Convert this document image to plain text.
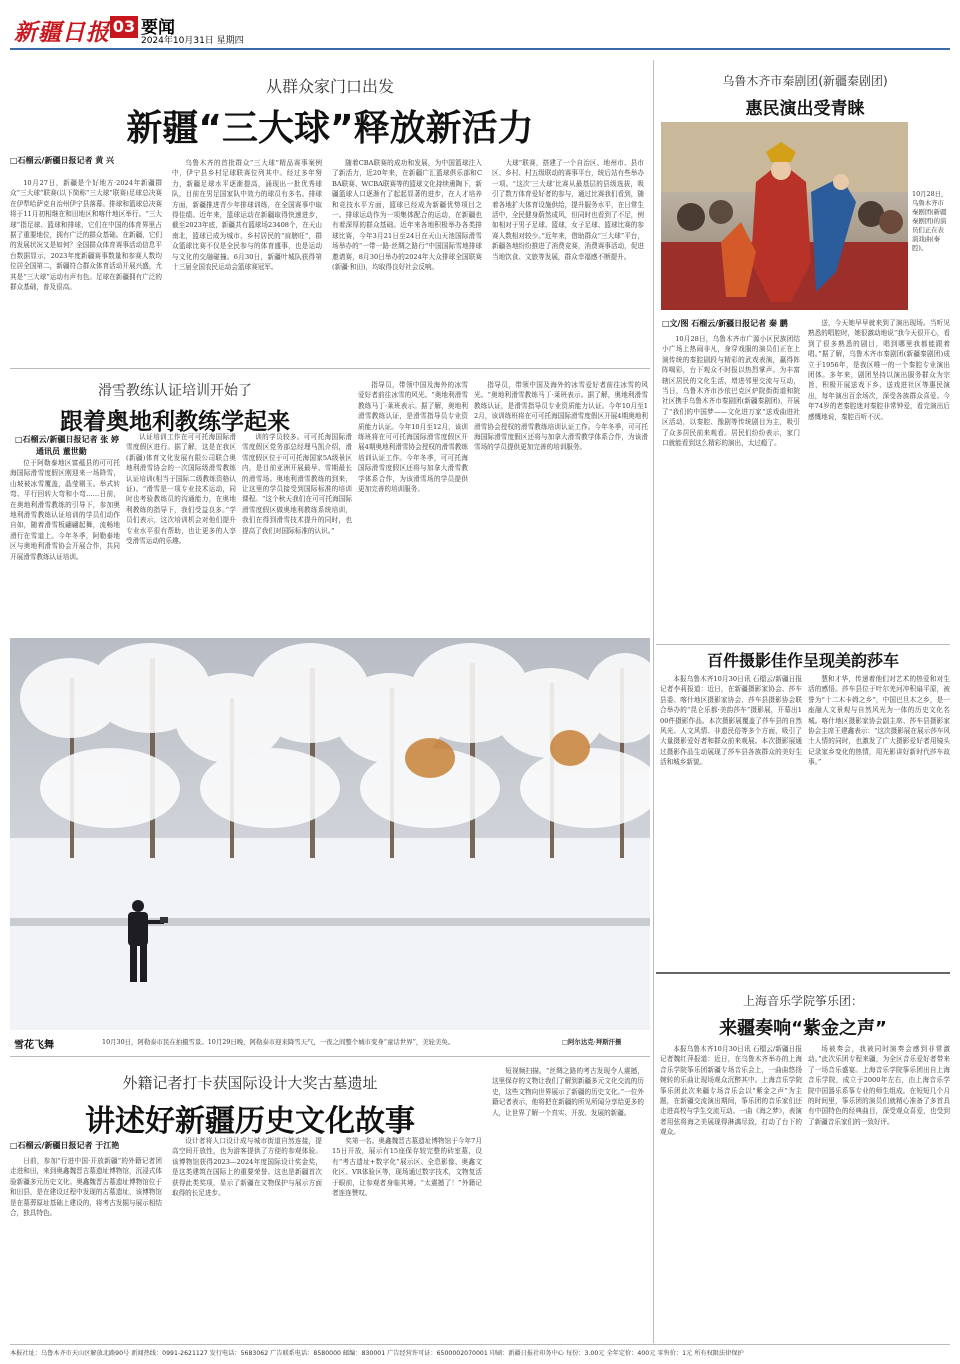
新疆日报 03 要闻
2024年10月31日 星期四
从群众家门口出发
新疆“三大球”释放新活力
□石榴云/新疆日报记者 黄 兴

10月27日，新疆是个好地方·2024年新疆群众“三大球”联赛(以下简称“三大球”联赛)足球总决赛在伊犁哈萨克自治州伊宁县落幕。排球和篮球总决赛将于11月初相继在和田地区和喀什地区举行。“三大球”指足球、篮球和排球，它们在中国的体育界里占据了重要地位，拥有广泛的群众基础。在新疆，它们的发展状况又是如何？全国群众体育赛事活动信息平台数据显示，2023年度新疆赛事数量和参赛人数均位居全国第二，新疆符合群众体育活动开展兴盛，尤其是“三大球”运动有声有色。足球在新疆拥有广泛的群众基础，普及很高。

乌鲁木齐的首批群众“三大球”精品赛事案例中，伊宁县乡村足球联赛位列其中。经过多年努力，新疆足球水平逐渐提高，涌现出一批优秀球队，目前在男足国家队中效力的球员有多名。排球方面，新疆推进青少年排球训练，在全国赛事中取得佳绩。近年来，篮球运动在新疆取得快速进步，截至2023年底，新疆共有篮球场23408个，在天山南北，篮球已成为城市、乡村居民的“肩膀旺”，群众篮球比赛不仅是全民参与的体育盛事，也是运动与文化的交融碰撞。6月30日，新疆叶城队获得第十三届全国农民运动会篮球赛冠军。

随着CBA联赛的成功和发展，为中国篮球注入了新活力，近20年来，在新疆广汇篮球俱乐部和CBA联赛、WCBA联赛等的篮球文化持续熏陶下，新疆篮球人口逐渐有了起起显著的进步，在人才培养和竞技水平方面，篮球已经成为新疆优势项目之一。排球运动作为一项集体配合的运动，在新疆也有着深厚的群众基础。近年来各地积极举办各类排球比赛，今年3月21日至24日在天山天池国际滑雪场举办的“一带一路·丝绸之路行”中国国际雪地排球邀请赛，8月30日举办的2024年大众排球全国联赛(新疆·和田)，均取得良好社会反响。

大球”联赛，搭建了一个自治区、地州市、县市区、乡村、村五级联动的赛事平台，统后站有些举办一项。“这次‘三大球’比赛从最基层的县级选拔，吸引了数万体育爱好者的参与，通过比赛我们看到，随着各地扩大体育设施供给，提升服务水平，在日常生活中，全民健身蔚然成风，但同时也看到了不足，例如相对于男子足球、篮球，女子足球、篮球比赛的参赛人数相对较少。”近年来，借助群众“三大球”平台，新疆各地纷纷推进了消费竞赛，消费赛事活动，促进当地饮食、文旅等发展，群众幸福感不断提升。

乌鲁木齐市秦剧团(新疆秦剧团)
惠民演出受青睐
10月28日，乌鲁木齐市秦剧团(新疆秦剧团)的演员们正在表演戏曲(秦腔)。
□文/图 石榴云/新疆日报记者 秦 鹏

10月28日，乌鲁木齐市广源小区民族团结小广场上热闹非凡，身穿戏服的演员们正在上演传统的秦腔剧段与精彩的武戏表演，赢得阵阵喝彩，台下观众不时报以热烈掌声。为丰富辖区居民的文化生活，增进邻里交流与互动，当日，乌鲁木齐市沙依巴克区炉院街街道和院社区携手乌鲁木齐市秦剧团(新疆秦剧团)，开展了“我们的中国梦——文化进万家”送戏曲进社区活动，以秦腔、豫剧等传统剧目为主，吸引了众多居民前来观看。居民们纷纷表示，家门口就能看到这么精彩的演出，太过瘾了。

送，今天她早早就来到了演出现场。当听见熟悉的唱腔时，她很激动地说“我今天很开心，看到了很多熟悉的剧目，唱到哪里我都能跟着唱。”据了解，乌鲁木齐市秦剧团(新疆秦剧团)成立于1956年，是我区唯一的一个秦腔专业演出团体。多年来，剧团坚持以演出服务群众为宗旨，积极开展送戏下乡、送戏进社区等惠民演出，每年演出百余场次，深受各族群众喜爱。今年74岁的老秦腔迷对秦腔非常钟爱，看完演出后感慨地说，秦腔百听不厌。

滑雪教练认证培训开始了
跟着奥地利教练学起来
□石榴云/新疆日报记者 张 婷
通讯员 董世勤

位于阿勒泰地区富蕴县的可可托海国际滑雪度假区刚迎来一场降雪，山坡被冰雪覆盖，晶莹剔玉。举式转弯、平行回转大弯和小弯……日前，在奥地利滑雪教练的引导下，参加奥地利滑雪教练认证培训的学员们动作自如，随着滑雪板翩翩起舞，流畅地滑行在雪道上。今年冬季，阿勒泰地区与奥地利滑雪协会开展合作，共同开展滑雪教练认证培训。

认证培训工作在可可托海国际滑雪度假区进行。据了解，这是在我区(新疆)体育文化发展有限公司联合奥地利滑雪协会的一次国际级滑雪教练认证培训(相当于国际二级教练资格认证)。“滑雪是一项专业技术运动，同时也考验教练员的沟通能力，在奥地利教练的指导下，我们受益良多。”学员们表示，这次培训机会对他们提升专业水平很有帮助，也让更多的人享受滑雪运动的乐趣。

训的学员较多。可可托海国际滑雪度假区党务部总经理马凯介绍，滑雪度假区位于可可托海国家5A级景区内，是目前亚洲开展最早、雪期最长的滑雪场。奥地利滑雪教练的到来，让这里的学员接受到国际标准的培训课程。“这个秋天我们在可可托海国际滑雪度假区做奥地利教练系统培训，我们在得到滑雪技术提升的同时，也提高了我们对国际标准的认识。”

指导员，带领中国及海外的冰雪爱好者前往冰雪的风光。“奥地利滑雪教练马丁·莱班表示。据了解，奥地利滑雪教练认证，是滑雪指导员专业资质能力认证。今年10月至12月，该训练班将在可可托海国际滑雪度假区开展4期奥地利滑雪协会授权的滑雪教练培训认证工作。今年冬季，可可托海国际滑雪度假区还将与加拿大滑雪教学体系合作，为该滑雪场的学员提供更加完善的培训服务。

指导员，带领中国及海外的冰雪爱好者前往冰雪的风光。“奥地利滑雪教练马丁·莱班表示。据了解，奥地利滑雪教练认证，是滑雪指导员专业资质能力认证。今年10月至12月，该训练班将在可可托海国际滑雪度假区开展4期奥地利滑雪协会授权的滑雪教练培训认证工作。今年冬季，可可托海国际滑雪度假区还将与加拿大滑雪教学体系合作，为该滑雪场的学员提供更加完善的培训服务。

百件摄影佳作呈现美韵莎车

本报乌鲁木齐10月30日讯 石榴云/新疆日报记者李莉报道：近日，在新疆摄影家协会、莎车县委、喀什地区摄影家协会、莎车县摄影协会联合举办的“昆仑乐都·美韵莎车”摄影展，开幕出100件摄影作品。本次摄影展覆盖了莎车县的自然风光、人文风情、非遗民俗等多个方面，吸引了大量摄影爱好者和群众前来观展。本次摄影展通过摄影作品生动展现了莎车县各族群众的美好生活和城乡新貌。

慧和才华，传递着他们对艺术的热爱和对生活的感悟。莎车县位于叶尔羌河冲积扇平原，被誉为“十二木卡姆之乡”，中国巴旦木之乡，是一座融人文景观与自然风光为一体的历史文化名城。喀什地区摄影家协会副主席、莎车县摄影家协会主席王建鑫表示：“这次摄影展在展示莎车风土人情的同时，也激发了广大摄影爱好者用镜头记录家乡变化的热情，用光影讲好新时代莎车故事。”

雪花飞舞	10月30日，阿勒泰市民在拍摄雪景。10月29日晚，阿勒泰市迎来降雪天气，一夜之间整个城市变身“童话世界”，美轮美奂。	□阿尔达克·拜斯汗摄
上海音乐学院筝乐团：
来疆奏响“紫金之声”

本报乌鲁木齐10月30日讯 石榴云/新疆日报记者魏红萍报道：近日，在乌鲁木齐举办的上海音乐学院筝乐团新疆专场音乐会上，一曲曲悠扬婉转的乐曲让现场观众沉醉其中。上海音乐学院筝乐团此次来疆专场音乐会以“紫金之声”为主题，在新疆交流演出期间，筝乐团的音乐家们还走进高校与学生交流互动。一曲《海之梦》，表演者用弦将海之美展现得淋漓尽致，打动了台下的观众。

场被奏会，我被同时演奏会感到非常激动。”此次乐团专程来疆，为全区音乐爱好者带来了一场音乐盛宴。上海音乐学院筝乐团出自上海音乐学院，成立于2000年左右，由上海音乐学院中国器乐系筝专业的师生组成。在短短几个月的时间里，筝乐团的演员们就精心准备了多首具有中国特色的经典曲目，深受观众喜爱，也受到了新疆音乐家们的一致好评。

外籍记者打卡获国际设计大奖古墓遗址
讲述好新疆历史文化故事
□石榴云/新疆日报记者 于江艳

日前，参加“行进中国·开放新疆”的外籍记者团走进和田，来到奥鑫魏晋古墓遗址博物馆，沉浸式体验新疆多元历史文化。奥鑫魏晋古墓遗址博物馆位于和田县，是在建设过程中发现的古墓遗址，该博物馆是在墓葬原址基础上建设的，将考古发掘与展示相结合，独具特色。

设计者将人口设计成与城市街道自然连接，提高空间开放性，也为游客提供了方便的参观体验。该博物馆获得2023—2024年度国际设计奖金奖，是这类建筑在国际上的重要荣誉。这也是新疆首次获得此类奖项，显示了新疆在文物保护与展示方面取得的长足进步。

奖第一名。奥鑫魏晋古墓遗址博物馆于今年7月15日开放，展示有15座保存较完整的砖室墓，设有“考古遗址+数字化”展示区、全息影像、奥鑫文化区、VR体验区等，现场通过数字技术，文物复活于眼前，让参观者身临其境。“太震撼了！”外籍记者连连赞叹。

短视频扫描。“丝绸之路的考古发现令人震撼，这里保存的文物让我们了解到新疆多元文化交流的历史，这些文物向世界展示了新疆的历史文化。”一位外籍记者表示，他将把在新疆的所见所闻分享给更多的人，让世界了解一个真实、开放、发展的新疆。

本报社址：乌鲁木齐市天山区解放北路90号 新闻热线：0991-2621127 发行电话：5683062 广告联系电话：8580000 邮编：830001 广告经营许可证：6500002070001 印刷：新疆日报社印务中心 每份：3.00元 全年定价：400元 零售价：1元 所有权限法律保护
